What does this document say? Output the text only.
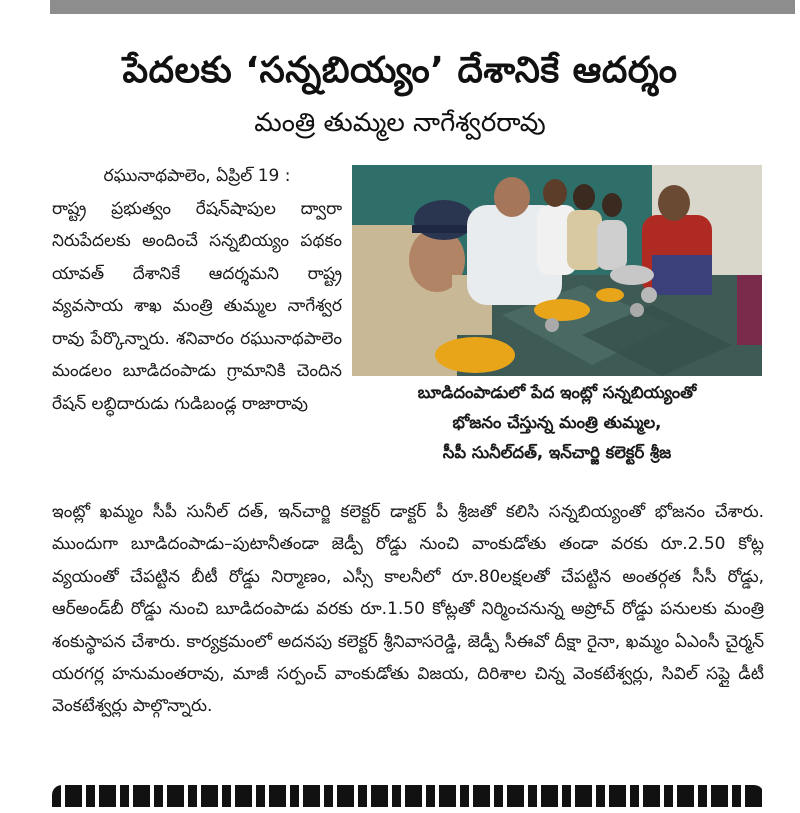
పేదలకు ‘సన్నబియ్యం’ దేశానికే ఆదర్శం
మంత్రి తుమ్మల నాగేశ్వరరావు
రఘునాథపాలెం, ఏప్రిల్ 19 :
రాష్ట్ర ప్రభుత్వం రేషన్‌షాపుల ద్వారా నిరుపేదలకు అందించే సన్నబియ్యం పథకం యావత్ దేశానికే ఆదర్శమని రాష్ట్ర వ్యవసాయ శాఖ మంత్రి తుమ్మల నాగేశ్వర రావు పేర్కొన్నారు. శనివారం రఘునాథపాలెం మండలం బూడిదంపాడు గ్రామానికి చెందిన రేషన్ లబ్ధిదారుడు గుడిబండ్ల రాజారావు
బూడిదంపాడులో పేద ఇంట్లో సన్నబియ్యంతో
భోజనం చేస్తున్న మంత్రి తుమ్మల,
సీపీ సునీల్‌దత్, ఇన్‌చార్జి కలెక్టర్ శ్రీజ
ఇంట్లో ఖమ్మం సీపీ సునీల్ దత్, ఇన్‌చార్జి కలెక్టర్ డాక్టర్ పీ శ్రీజతో కలిసి సన్నబియ్యంతో భోజనం చేశారు. ముందుగా బూడిదంపాడు–పుటానీతండా జెడ్పీ రోడ్డు నుంచి వాంకుడోతు తండా వరకు రూ.2.50 కోట్ల వ్యయంతో చేపట్టిన బీటీ రోడ్డు నిర్మాణం, ఎస్సీ కాలనీలో రూ.80లక్షలతో చేపట్టిన అంతర్గత సీసీ రోడ్డు, ఆర్‌అండ్‌బీ రోడ్డు నుంచి బూడిదంపాడు వరకు రూ.1.50 కోట్లతో నిర్మించనున్న అప్రోచ్ రోడ్డు పనులకు మంత్రి శంకుస్థాపన చేశారు. కార్యక్రమంలో అదనపు కలెక్టర్ శ్రీనివాసరెడ్డి, జెడ్పీ సీఈవో దీక్షా రైనా, ఖమ్మం ఏఎంసీ చైర్మన్ యరగర్ల హనుమంతరావు, మాజీ సర్పంచ్ వాంకుడోతు విజయ, దిరిశాల చిన్న వెంకటేశ్వర్లు, సివిల్ సప్లై డీటీ వెంకటేశ్వర్లు పాల్గొన్నారు.
